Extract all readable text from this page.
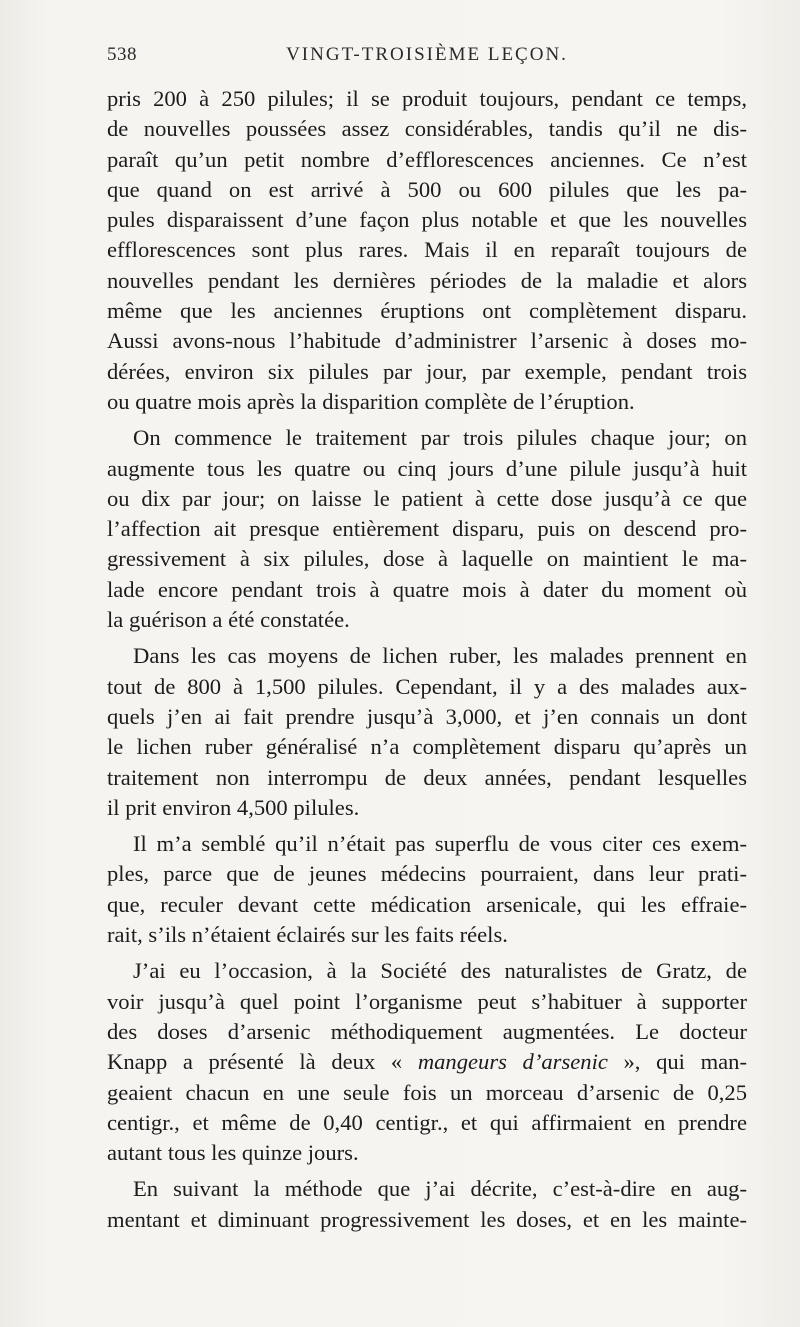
538	VINGT-TROISIÈME LEÇON.
pris 200 à 250 pilules; il se produit toujours, pendant ce temps,
de nouvelles poussées assez considérables, tandis qu’il ne dis-
paraît qu’un petit nombre d’efflorescences anciennes. Ce n’est
que quand on est arrivé à 500 ou 600 pilules que les pa-
pules disparaissent d’une façon plus notable et que les nouvelles
efflorescences sont plus rares. Mais il en reparaît toujours de
nouvelles pendant les dernières périodes de la maladie et alors
même que les anciennes éruptions ont complètement disparu.
Aussi avons-nous l’habitude d’administrer l’arsenic à doses mo-
dérées, environ six pilules par jour, par exemple, pendant trois
ou quatre mois après la disparition complète de l’éruption.
On commence le traitement par trois pilules chaque jour; on
augmente tous les quatre ou cinq jours d’une pilule jusqu’à huit
ou dix par jour; on laisse le patient à cette dose jusqu’à ce que
l’affection ait presque entièrement disparu, puis on descend pro-
gressivement à six pilules, dose à laquelle on maintient le ma-
lade encore pendant trois à quatre mois à dater du moment où
la guérison a été constatée.
Dans les cas moyens de lichen ruber, les malades prennent en
tout de 800 à 1,500 pilules. Cependant, il y a des malades aux-
quels j’en ai fait prendre jusqu’à 3,000, et j’en connais un dont
le lichen ruber généralisé n’a complètement disparu qu’après un
traitement non interrompu de deux années, pendant lesquelles
il prit environ 4,500 pilules.
Il m’a semblé qu’il n’était pas superflu de vous citer ces exem-
ples, parce que de jeunes médecins pourraient, dans leur prati-
que, reculer devant cette médication arsenicale, qui les effraie-
rait, s’ils n’étaient éclairés sur les faits réels.
J’ai eu l’occasion, à la Société des naturalistes de Gratz, de
voir jusqu’à quel point l’organisme peut s’habituer à supporter
des doses d’arsenic méthodiquement augmentées. Le docteur
Knapp a présenté là deux « mangeurs d’arsenic », qui man-
geaient chacun en une seule fois un morceau d’arsenic de 0,25
centigr., et même de 0,40 centigr., et qui affirmaient en prendre
autant tous les quinze jours.
En suivant la méthode que j’ai décrite, c’est-à-dire en aug-
mentant et diminuant progressivement les doses, et en les mainte-
